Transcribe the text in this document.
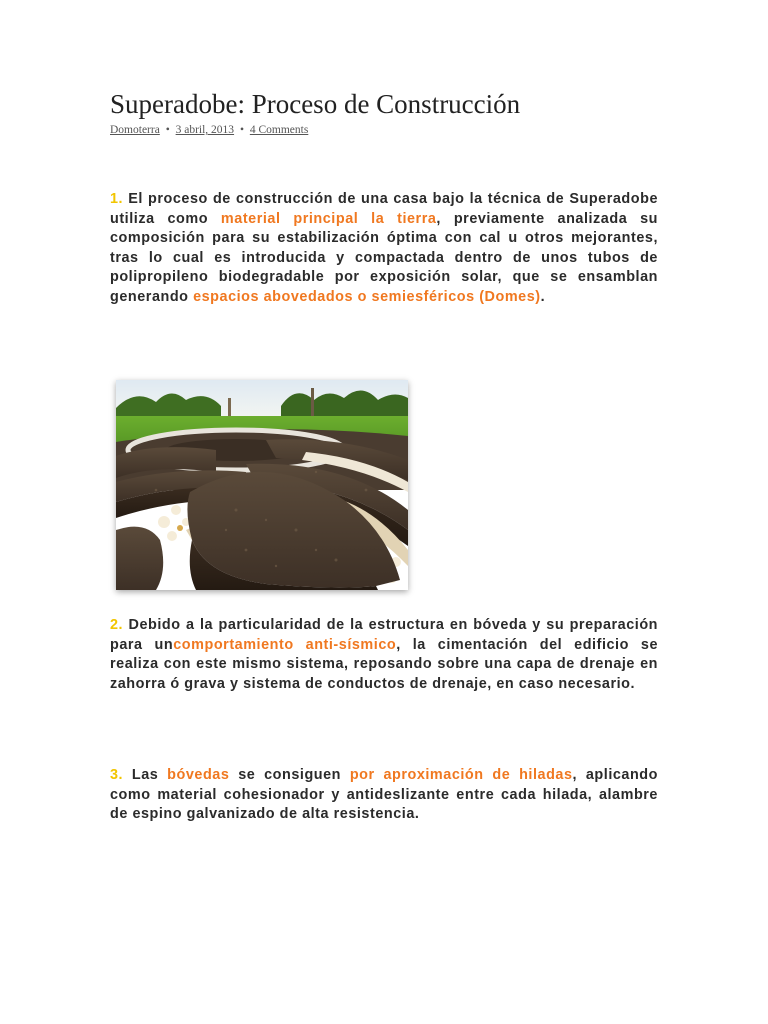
Superadobe: Proceso de Construcción
Domoterra • 3 abril, 2013 • 4 Comments

1. El proceso de construcción de una casa bajo la técnica de Superadobe utiliza como material principal la tierra, previamente analizada su composición para su estabilización óptima con cal u otros mejorantes, tras lo cual es introducida y compactada dentro de unos tubos de polipropileno biodegradable por exposición solar, que se ensamblan generando espacios abovedados o semiesféricos (Domes).

2. Debido a la particularidad de la estructura en bóveda y su preparación para uncomportamiento anti-sísmico, la cimentación del edificio se realiza con este mismo sistema, reposando sobre una capa de drenaje en zahorra ó grava y sistema de conductos de drenaje, en caso necesario.

3. Las bóvedas se consiguen por aproximación de hiladas, aplicando como material cohesionador y antideslizante entre cada hilada, alambre de espino galvanizado de alta resistencia.
